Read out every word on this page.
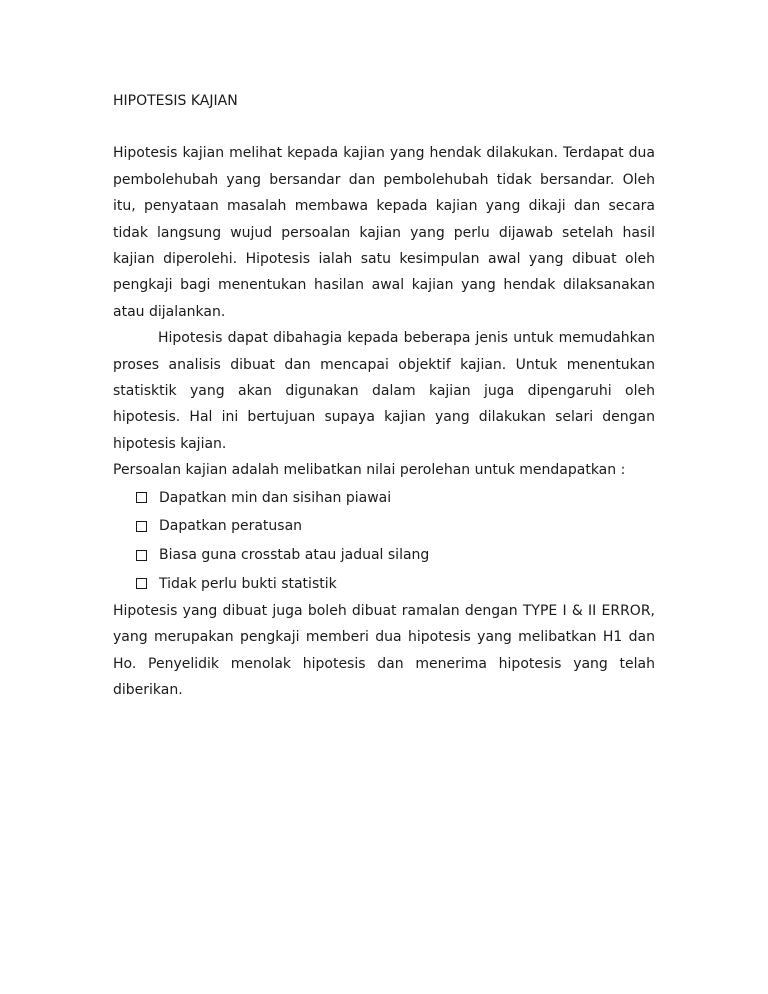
HIPOTESIS KAJIAN

Hipotesis kajian melihat kepada kajian yang hendak dilakukan. Terdapat dua pembolehubah yang bersandar dan pembolehubah tidak bersandar. Oleh itu, penyataan masalah membawa kepada kajian yang dikaji dan secara tidak langsung wujud persoalan kajian yang perlu dijawab setelah hasil kajian diperolehi. Hipotesis ialah satu kesimpulan awal yang dibuat oleh pengkaji bagi menentukan hasilan awal kajian yang hendak dilaksanakan atau dijalankan.

Hipotesis dapat dibahagia kepada beberapa jenis untuk memudahkan proses analisis dibuat dan mencapai objektif kajian. Untuk menentukan statisktik yang akan digunakan dalam kajian juga dipengaruhi oleh hipotesis. Hal ini bertujuan supaya kajian yang dilakukan selari dengan hipotesis kajian.

Persoalan kajian adalah melibatkan nilai perolehan untuk mendapatkan :

Dapatkan min dan sisihan piawai
Dapatkan peratusan
Biasa guna crosstab atau jadual silang
Tidak perlu bukti statistik

Hipotesis yang dibuat juga boleh dibuat ramalan dengan TYPE I & II ERROR, yang merupakan pengkaji memberi dua hipotesis yang melibatkan H1 dan Ho. Penyelidik menolak hipotesis dan menerima hipotesis yang telah diberikan.
